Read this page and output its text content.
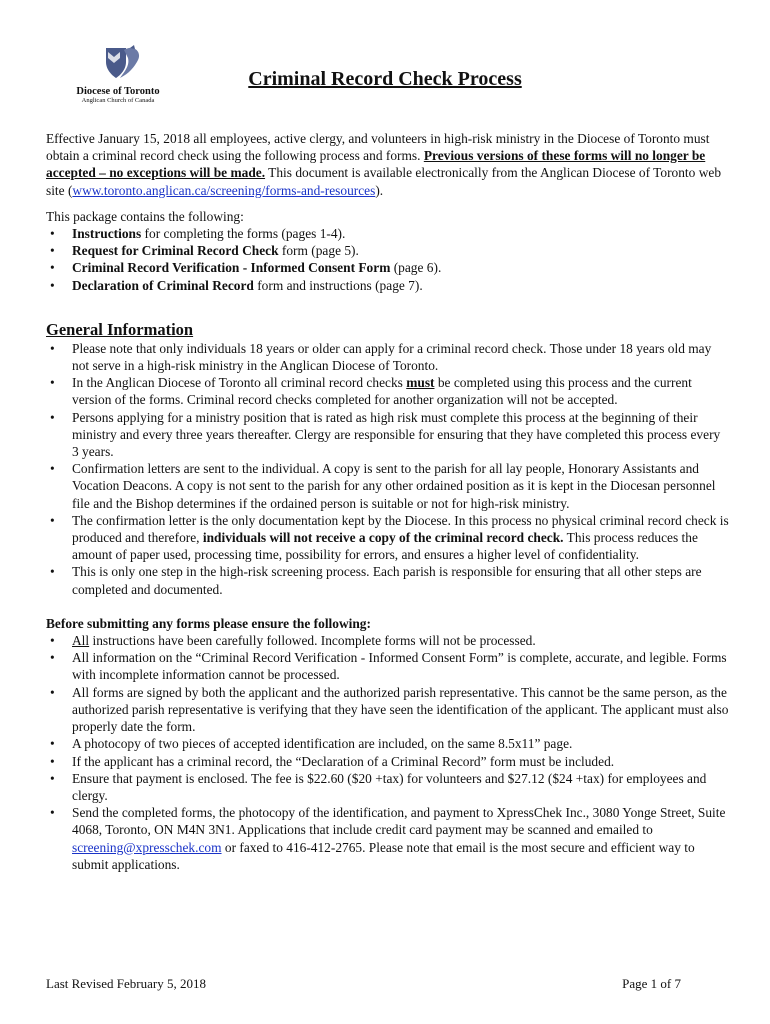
Diocese of Toronto
Anglican Church of Canada
Criminal Record Check Process

Effective January 15, 2018 all employees, active clergy, and volunteers in high-risk ministry in the Diocese of Toronto must obtain a criminal record check using the following process and forms. Previous versions of these forms will no longer be accepted – no exceptions will be made. This document is available electronically from the Anglican Diocese of Toronto web site (www.toronto.anglican.ca/screening/forms-and-resources).

This package contains the following:

• Instructions for completing the forms (pages 1-4).
• Request for Criminal Record Check form (page 5).
• Criminal Record Verification - Informed Consent Form (page 6).
• Declaration of Criminal Record form and instructions (page 7).
General Information
• Please note that only individuals 18 years or older can apply for a criminal record check. Those under 18 years old may not serve in a high-risk ministry in the Anglican Diocese of Toronto.
• In the Anglican Diocese of Toronto all criminal record checks must be completed using this process and the current version of the forms. Criminal record checks completed for another organization will not be accepted.
• Persons applying for a ministry position that is rated as high risk must complete this process at the beginning of their ministry and every three years thereafter. Clergy are responsible for ensuring that they have completed this process every 3 years.
• Confirmation letters are sent to the individual. A copy is sent to the parish for all lay people, Honorary Assistants and Vocation Deacons. A copy is not sent to the parish for any other ordained position as it is kept in the Diocesan personnel file and the Bishop determines if the ordained person is suitable or not for high-risk ministry.
• The confirmation letter is the only documentation kept by the Diocese. In this process no physical criminal record check is produced and therefore, individuals will not receive a copy of the criminal record check. This process reduces the amount of paper used, processing time, possibility for errors, and ensures a higher level of confidentiality.
• This is only one step in the high-risk screening process. Each parish is responsible for ensuring that all other steps are completed and documented.

Before submitting any forms please ensure the following:

• All instructions have been carefully followed. Incomplete forms will not be processed.
• All information on the “Criminal Record Verification - Informed Consent Form” is complete, accurate, and legible. Forms with incomplete information cannot be processed.
• All forms are signed by both the applicant and the authorized parish representative. This cannot be the same person, as the authorized parish representative is verifying that they have seen the identification of the applicant. The applicant must also properly date the form.
• A photocopy of two pieces of accepted identification are included, on the same 8.5x11” page.
• If the applicant has a criminal record, the “Declaration of a Criminal Record” form must be included.
• Ensure that payment is enclosed. The fee is $22.60 ($20 +tax) for volunteers and $27.12 ($24 +tax) for employees and clergy.
• Send the completed forms, the photocopy of the identification, and payment to XpressChek Inc., 3080 Yonge Street, Suite 4068, Toronto, ON M4N 3N1. Applications that include credit card payment may be scanned and emailed to screening@xpresschek.com or faxed to 416-412-2765. Please note that email is the most secure and efficient way to submit applications.
Last Revised February 5, 2018	Page 1 of 7
